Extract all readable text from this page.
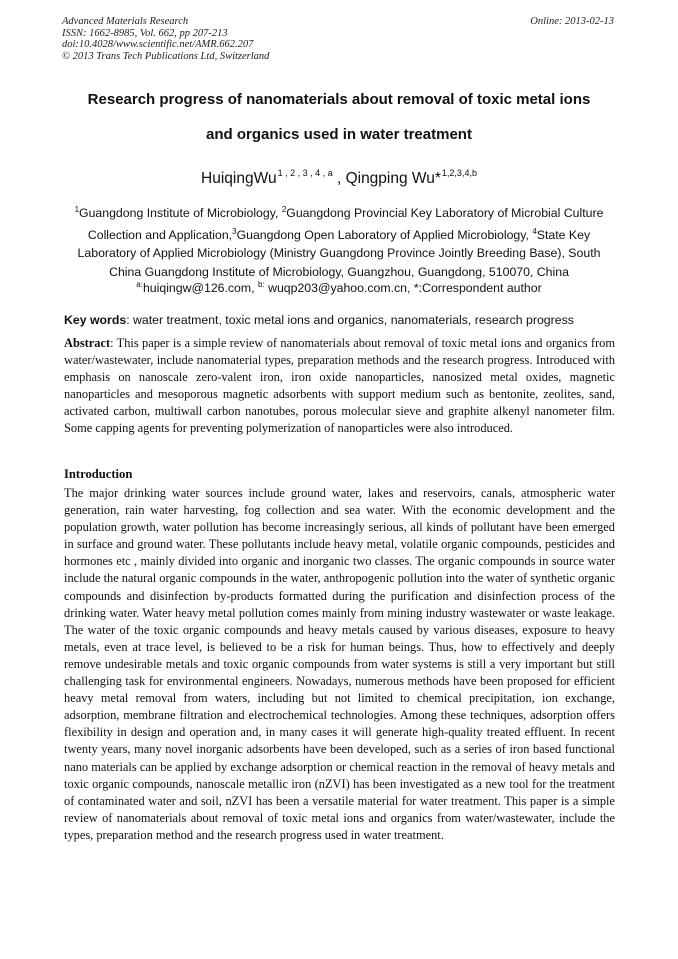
Advanced Materials Research
ISSN: 1662-8985, Vol. 662, pp 207-213
doi:10.4028/www.scientific.net/AMR.662.207
© 2013 Trans Tech Publications Ltd, Switzerland
Online: 2013-02-13
Research progress of nanomaterials about removal of toxic metal ions
and organics used in water treatment
HuiqingWu$^{1 , 2 , 3 , 4 , a}$ , Qingping Wu*$^{1,2,3,4,b}$
$^1$Guangdong Institute of Microbiology, $^2$Guangdong Provincial Key Laboratory of Microbial Culture Collection and Application,$^3$Guangdong Open Laboratory of Applied Microbiology, $^4$State Key Laboratory of Applied Microbiology (Ministry Guangdong Province Jointly Breeding Base), South China Guangdong Institute of Microbiology, Guangzhou, Guangdong, 510070, China
$^{a:}$huiqingw@126.com, $^{b:}$ wuqp203@yahoo.com.cn, *:Correspondent author
Key words: water treatment, toxic metal ions and organics, nanomaterials, research progress
Abstract: This paper is a simple review of nanomaterials about removal of toxic metal ions and organics from water/wastewater, include nanomaterial types, preparation methods and the research progress. Introduced with emphasis on nanoscale zero-valent iron, iron oxide nanoparticles, nanosized metal oxides, magnetic nanoparticles and mesoporous magnetic adsorbents with support medium such as bentonite, zeolites, sand, activated carbon, multiwall carbon nanotubes, porous molecular sieve and graphite alkenyl nanometer film. Some capping agents for preventing polymerization of nanoparticles were also introduced.
Introduction
The major drinking water sources include ground water, lakes and reservoirs, canals, atmospheric water generation, rain water harvesting, fog collection and sea water. With the economic development and the population growth, water pollution has become increasingly serious, all kinds of pollutant have been emerged in surface and ground water. These pollutants include heavy metal, volatile organic compounds, pesticides and hormones etc , mainly divided into organic and inorganic two classes. The organic compounds in source water include the natural organic compounds in the water, anthropogenic pollution into the water of synthetic organic compounds and disinfection by-products formatted during the purification and disinfection process of the drinking water. Water heavy metal pollution comes mainly from mining industry wastewater or waste leakage. The water of the toxic organic compounds and heavy metals caused by various diseases, exposure to heavy metals, even at trace level, is believed to be a risk for human beings. Thus, how to effectively and deeply remove undesirable metals and toxic organic compounds from water systems is still a very important but still challenging task for environmental engineers. Nowadays, numerous methods have been proposed for efficient heavy metal removal from waters, including but not limited to chemical precipitation, ion exchange, adsorption, membrane filtration and electrochemical technologies. Among these techniques, adsorption offers flexibility in design and operation and, in many cases it will generate high-quality treated effluent. In recent twenty years, many novel inorganic adsorbents have been developed, such as a series of iron based functional nano materials can be applied by exchange adsorption or chemical reaction in the removal of heavy metals and toxic organic compounds, nanoscale metallic iron (nZVI) has been investigated as a new tool for the treatment of contaminated water and soil, nZVI has been a versatile material for water treatment. This paper is a simple review of nanomaterials about removal of toxic metal ions and organics from water/wastewater, include the types, preparation method and the research progress used in water treatment.
